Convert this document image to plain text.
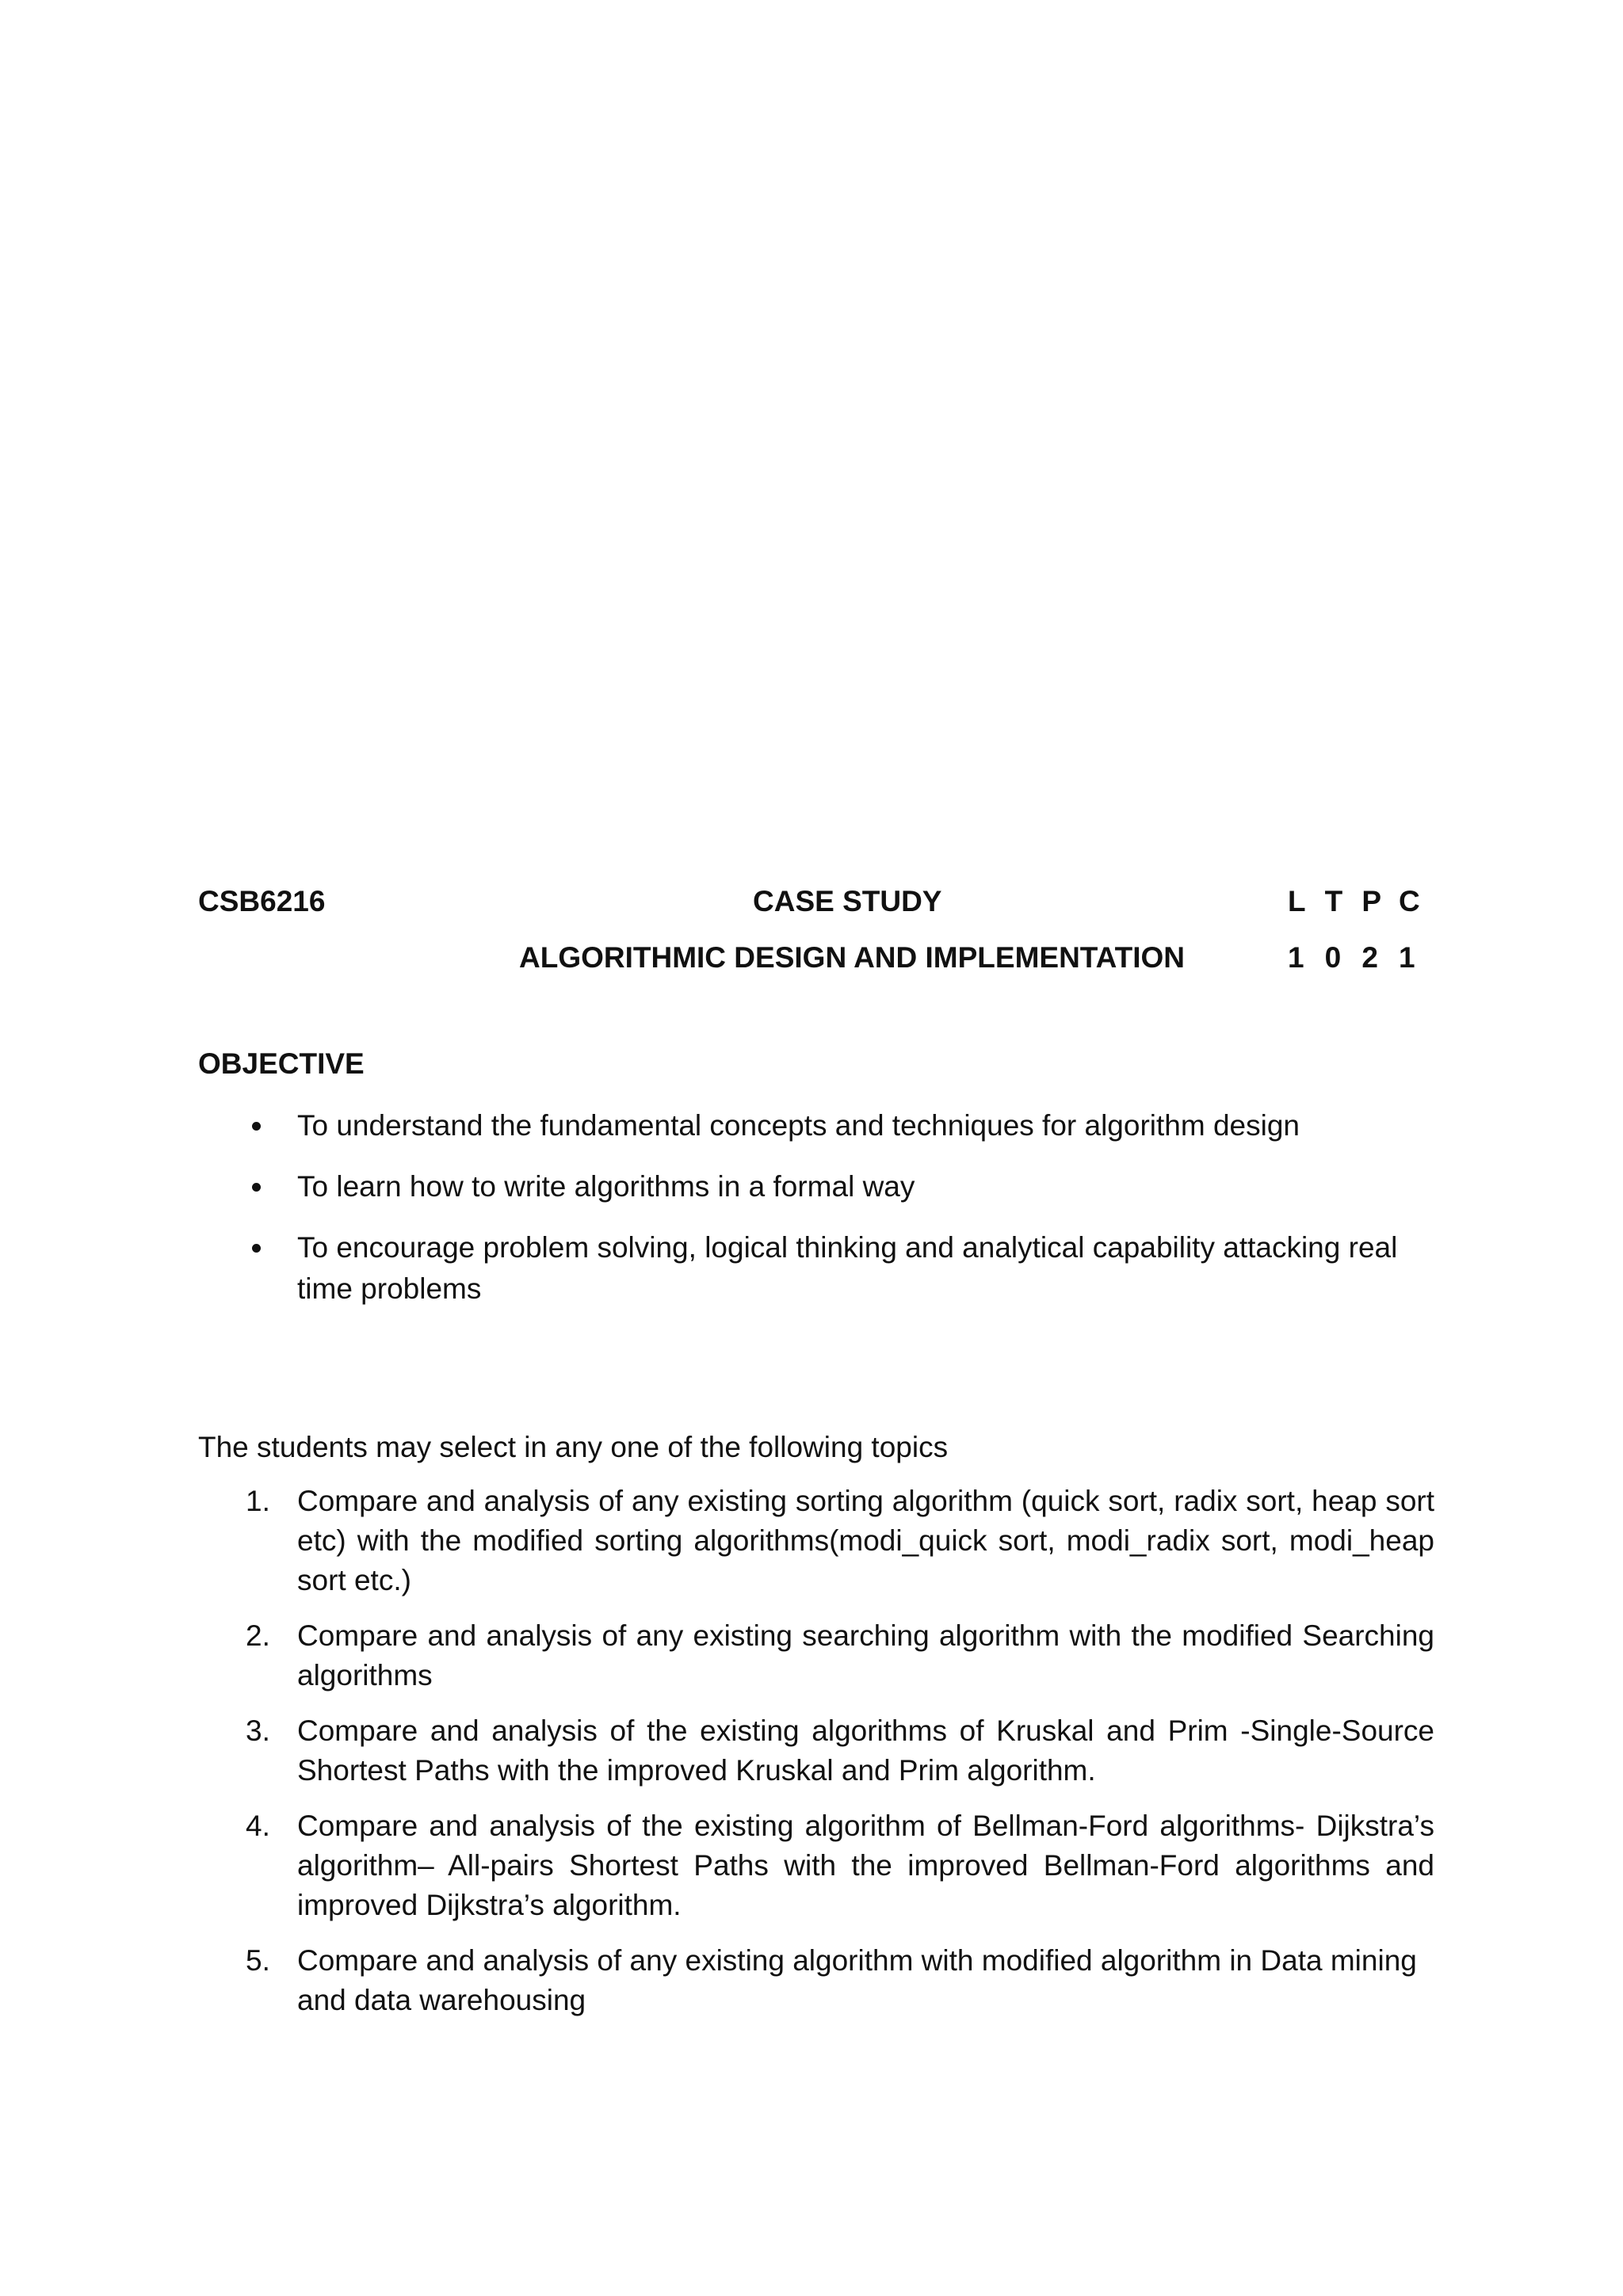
CSB6216	CASE STUDY	L T P C
ALGORITHMIC DESIGN AND IMPLEMENTATION	1 0 2 1
OBJECTIVE
To understand the fundamental concepts and techniques for algorithm design
To learn how to write algorithms in a formal way
To encourage problem solving, logical thinking and analytical capability attacking real time problems
The students may select in any one of the following topics
1. Compare and analysis of any existing sorting algorithm (quick sort, radix sort, heap sort etc) with the modified sorting algorithms(modi_quick sort, modi_radix sort, modi_heap sort etc.)
2. Compare and analysis of any existing searching algorithm with the modified Searching algorithms
3. Compare and analysis of the existing algorithms of Kruskal and Prim -Single-Source Shortest Paths with the improved Kruskal and Prim algorithm.
4. Compare and analysis of the existing algorithm of Bellman-Ford algorithms- Dijkstra’s algorithm– All-pairs Shortest Paths with the improved Bellman-Ford algorithms and improved Dijkstra’s algorithm.
5. Compare and analysis of any existing algorithm with modified algorithm in Data mining and data warehousing
